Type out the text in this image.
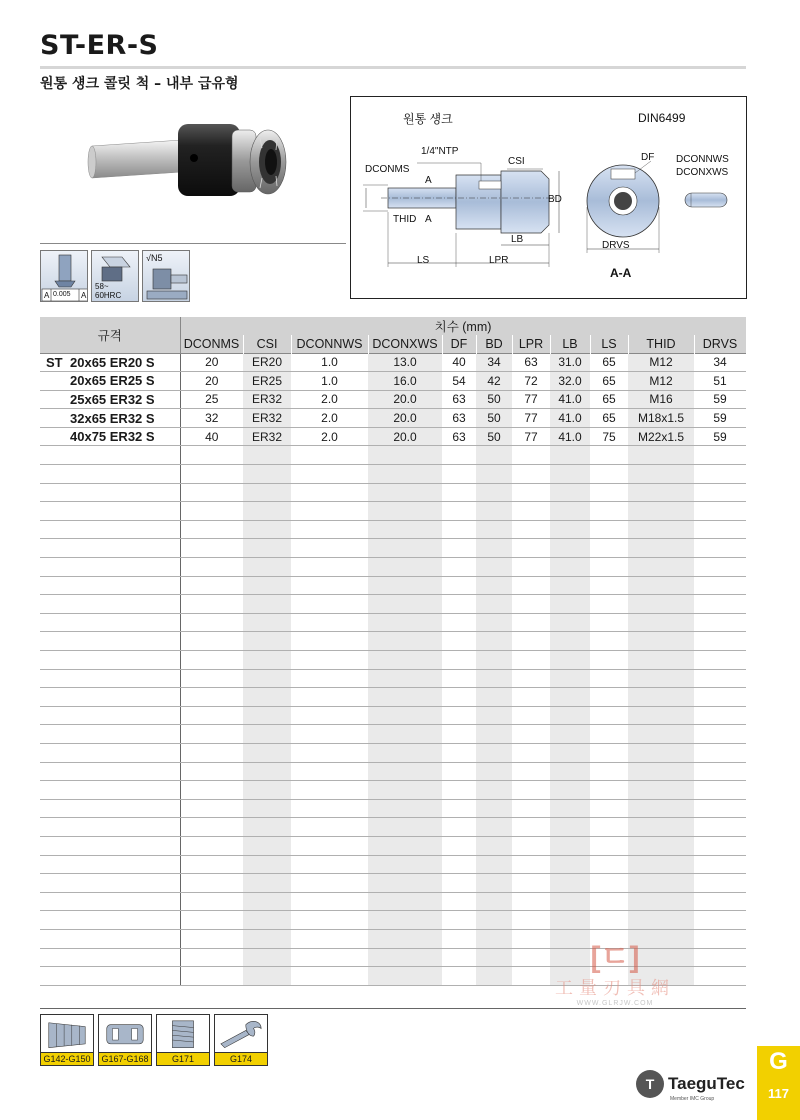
ST-ER-S
원통 섕크 콜릿 척 – 내부 급유형
A 0.005 A
58~
60HRC
√N5
원통 섕크	DIN6499
1/4"NTP
CSI
DCONMS
A
THID A
BD
LB
LS	LPR
DF DCONNWS
DCONXWS
DRVS
A-A
규격	치수 (mm)										
	DCONMS	CSI	DCONNWS	DCONXWS	DF	BD	LPR	LB	LS	THID	DRVS
ST 20x65 ER20 S	20	ER20	1.0	13.0	40	34	63	31.0	65	M12	34
20x65 ER25 S	20	ER25	1.0	16.0	54	42	72	32.0	65	M12	51
25x65 ER32 S	25	ER32	2.0	20.0	63	50	77	41.0	65	M16	59
32x65 ER32 S	32	ER32	2.0	20.0	63	50	77	41.0	65	M18x1.5	59
40x75 ER32 S	40	ER32	2.0	20.0	63	50	77	41.0	75	M22x1.5	59

[ㄷ]
工量刃具網
WWW.GLRJW.COM
G142-G150 G167-G168	G171	G174
T TaeguTec
Member IMC Group
G
117
